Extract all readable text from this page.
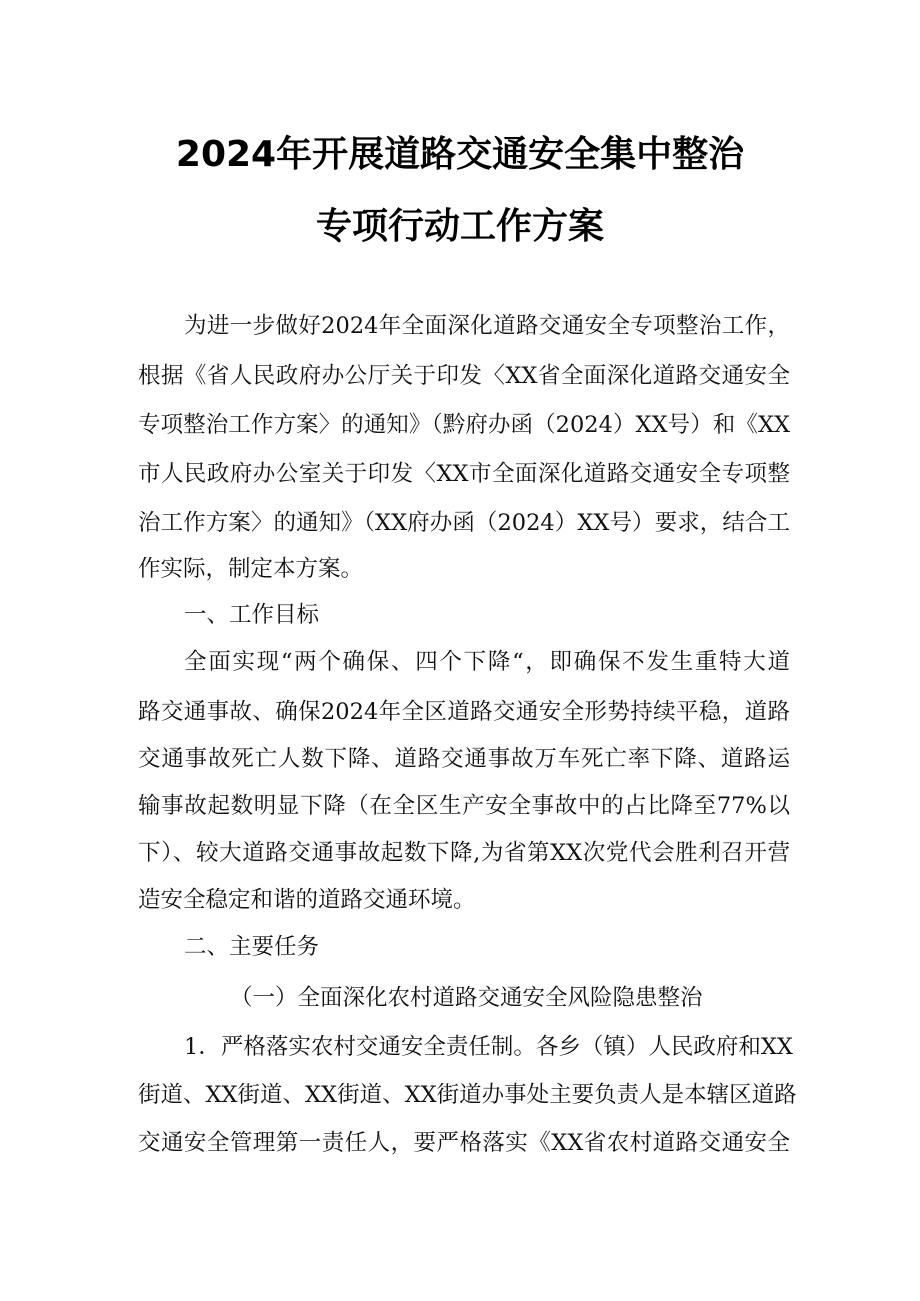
2024年开展道路交通安全集中整治
专项行动工作方案
为进一步做好2024年全面深化道路交通安全专项整治工作，
根据《省人民政府办公厅关于印发〈XX省全面深化道路交通安全
专项整治工作方案〉的通知》（黔府办函（2024）XX号）和《XX
市人民政府办公室关于印发〈XX市全面深化道路交通安全专项整
治工作方案〉的通知》（XX府办函（2024）XX号）要求，结合工
作实际，制定本方案。
一、工作目标
全面实现“两个确保、四个下降“，即确保不发生重特大道
路交通事故、确保2024年全区道路交通安全形势持续平稳，道路
交通事故死亡人数下降、道路交通事故万车死亡率下降、道路运
输事故起数明显下降（在全区生产安全事故中的占比降至77%以
下）、较大道路交通事故起数下降,为省第XX次党代会胜利召开营
造安全稳定和谐的道路交通环境。
二、主要任务
（一）全面深化农村道路交通安全风险隐患整治
1．严格落实农村交通安全责任制。各乡（镇）人民政府和XX
街道、XX街道、XX街道、XX街道办事处主要负责人是本辖区道路
交通安全管理第一责任人，要严格落实《XX省农村道路交通安全
